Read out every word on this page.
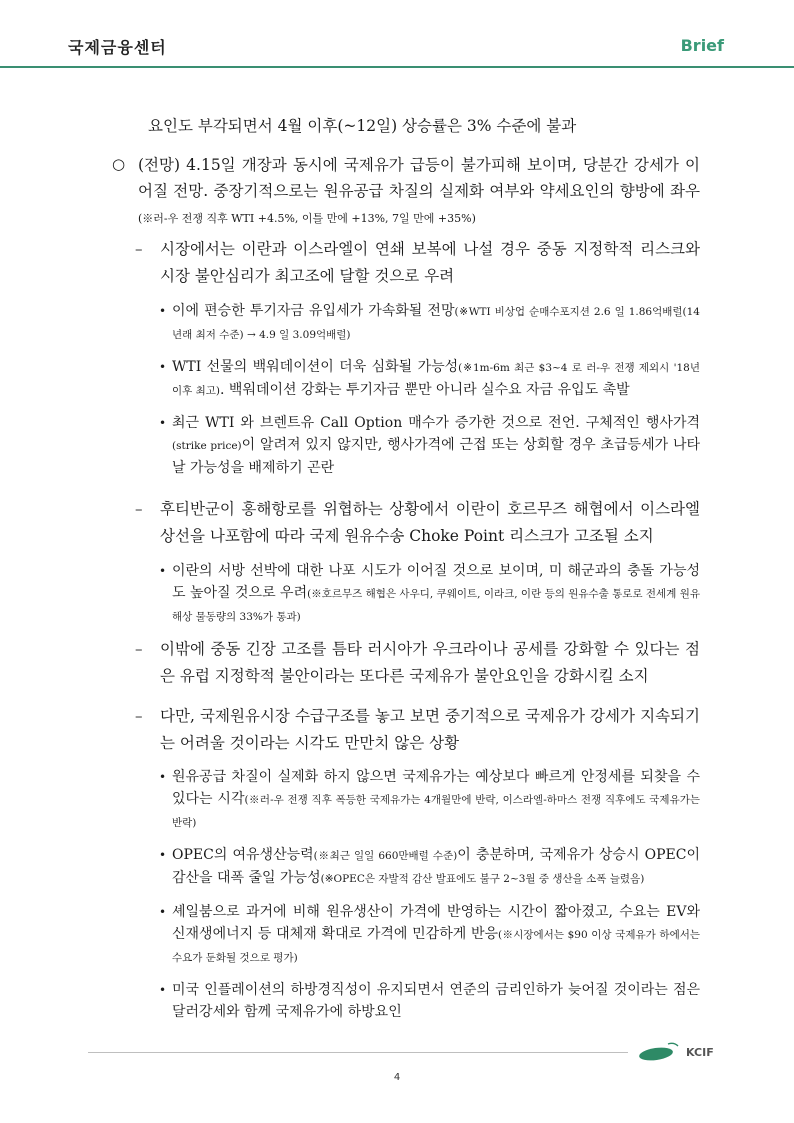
국제금융센터	Brief
요인도 부각되면서 4월 이후(~12일) 상승률은 3% 수준에 불과
○ (전망) 4.15일 개장과 동시에 국제유가 급등이 불가피해 보이며, 당분간 강세가 이어질 전망. 중장기적으로는 원유공급 차질의 실제화 여부와 약세요인의 향방에 좌우(※러-우 전쟁 직후 WTI +4.5%, 이틀 만에 +13%, 7일 만에 +35%)
– 시장에서는 이란과 이스라엘이 연쇄 보복에 나설 경우 중동 지정학적 리스크와 시장 불안심리가 최고조에 달할 것으로 우려
• 이에 편승한 투기자금 유입세가 가속화될 전망(※WTI 비상업 순매수포지션 2.6 일 1.86억배럴(14년래 최저 수준) → 4.9 일 3.09억배럴)
• WTI 선물의 백워데이션이 더욱 심화될 가능성(※1m-6m 최근 $3~4 로 러-우 전쟁 제외시 '18년 이후 최고). 백워데이션 강화는 투기자금 뿐만 아니라 실수요 자금 유입도 촉발
• 최근 WTI 와 브렌트유 Call Option 매수가 증가한 것으로 전언. 구체적인 행사가격 (strike price)이 알려져 있지 않지만, 행사가격에 근접 또는 상회할 경우 초급등세가 나타날 가능성을 배제하기 곤란
– 후티반군이 홍해항로를 위협하는 상황에서 이란이 호르무즈 해협에서 이스라엘 상선을 나포함에 따라 국제 원유수송 Choke Point 리스크가 고조될 소지
• 이란의 서방 선박에 대한 나포 시도가 이어질 것으로 보이며, 미 해군과의 충돌 가능성도 높아질 것으로 우려(※호르무즈 해협은 사우디, 쿠웨이트, 이라크, 이란 등의 원유수출 통로로 전세계 원유 해상 물동량의 33%가 통과)
– 이밖에 중동 긴장 고조를 틈타 러시아가 우크라이나 공세를 강화할 수 있다는 점은 유럽 지정학적 불안이라는 또다른 국제유가 불안요인을 강화시킬 소지
– 다만, 국제원유시장 수급구조를 놓고 보면 중기적으로 국제유가 강세가 지속되기는 어려울 것이라는 시각도 만만치 않은 상황
• 원유공급 차질이 실제화 하지 않으면 국제유가는 예상보다 빠르게 안정세를 되찾을 수 있다는 시각(※러-우 전쟁 직후 폭등한 국제유가는 4개월만에 반락, 이스라엘-하마스 전쟁 직후에도 국제유가는 반락)
• OPEC의 여유생산능력(※최근 일일 660만배럴 수준)이 충분하며, 국제유가 상승시 OPEC이 감산을 대폭 줄일 가능성(※OPEC은 자발적 감산 발표에도 불구 2~3월 중 생산을 소폭 늘렸음)
• 셰일붐으로 과거에 비해 원유생산이 가격에 반영하는 시간이 짧아졌고, 수요는 EV와 신재생에너지 등 대체재 확대로 가격에 민감하게 반응(※시장에서는 $90 이상 국제유가 하에서는 수요가 둔화될 것으로 평가)
• 미국 인플레이션의 하방경직성이 유지되면서 연준의 금리인하가 늦어질 것이라는 점은 달러강세와 함께 국제유가에 하방요인
KCIF
4
